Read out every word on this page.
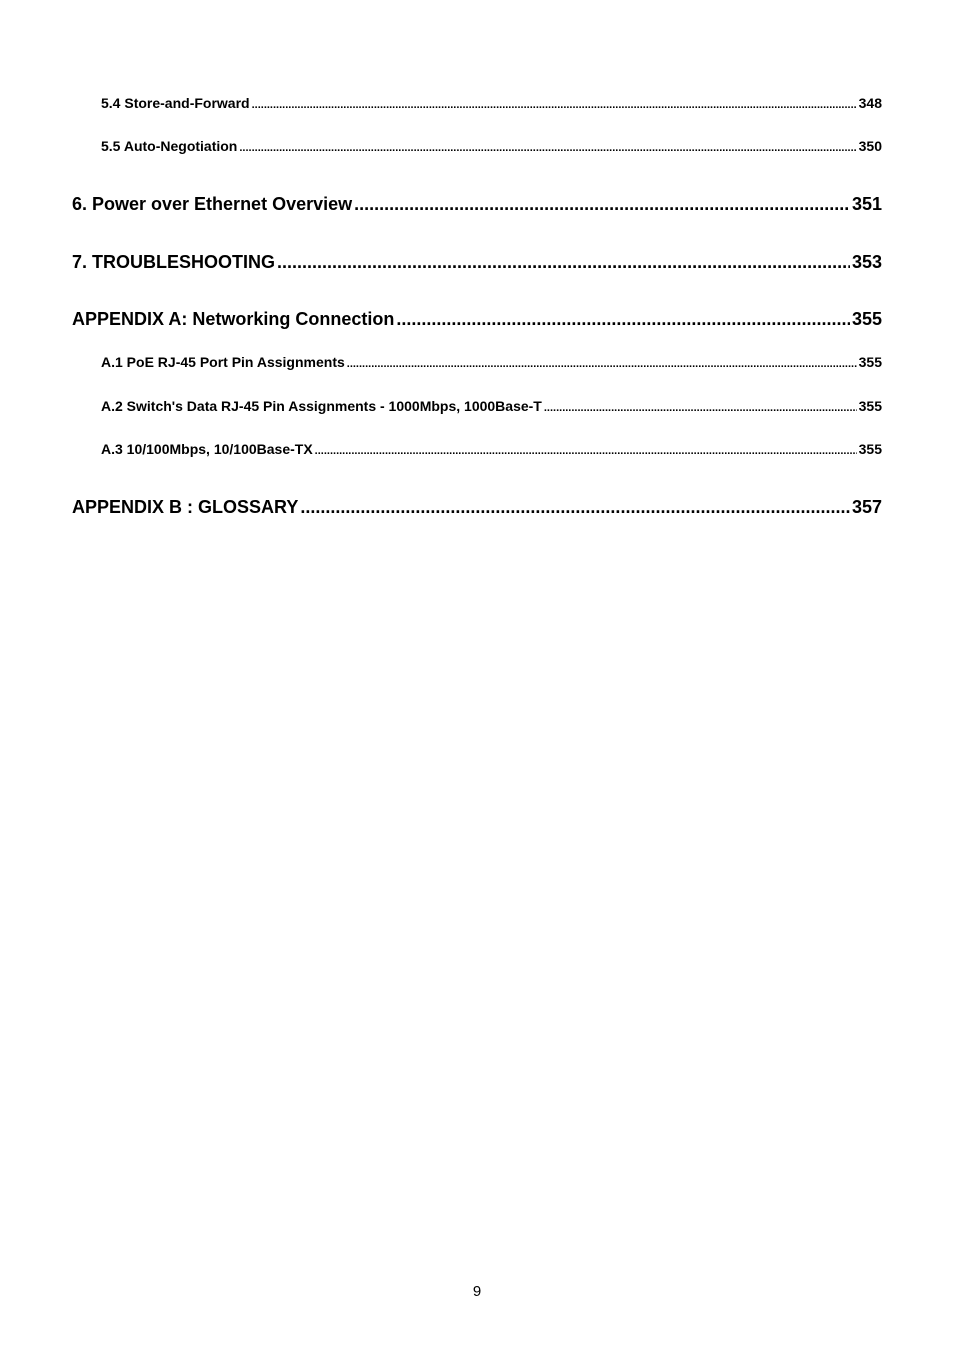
5.4 Store-and-Forward .....	348
5.5 Auto-Negotiation .....	350
6. Power over Ethernet Overview .....	351
7. TROUBLESHOOTING .....	353
APPENDIX A: Networking Connection .....	355
A.1 PoE RJ-45 Port Pin Assignments .....	355
A.2 Switch's Data RJ-45 Pin Assignments - 1000Mbps, 1000Base-T .....	355
A.3 10/100Mbps, 10/100Base-TX .....	355
APPENDIX B : GLOSSARY .....	357
9
